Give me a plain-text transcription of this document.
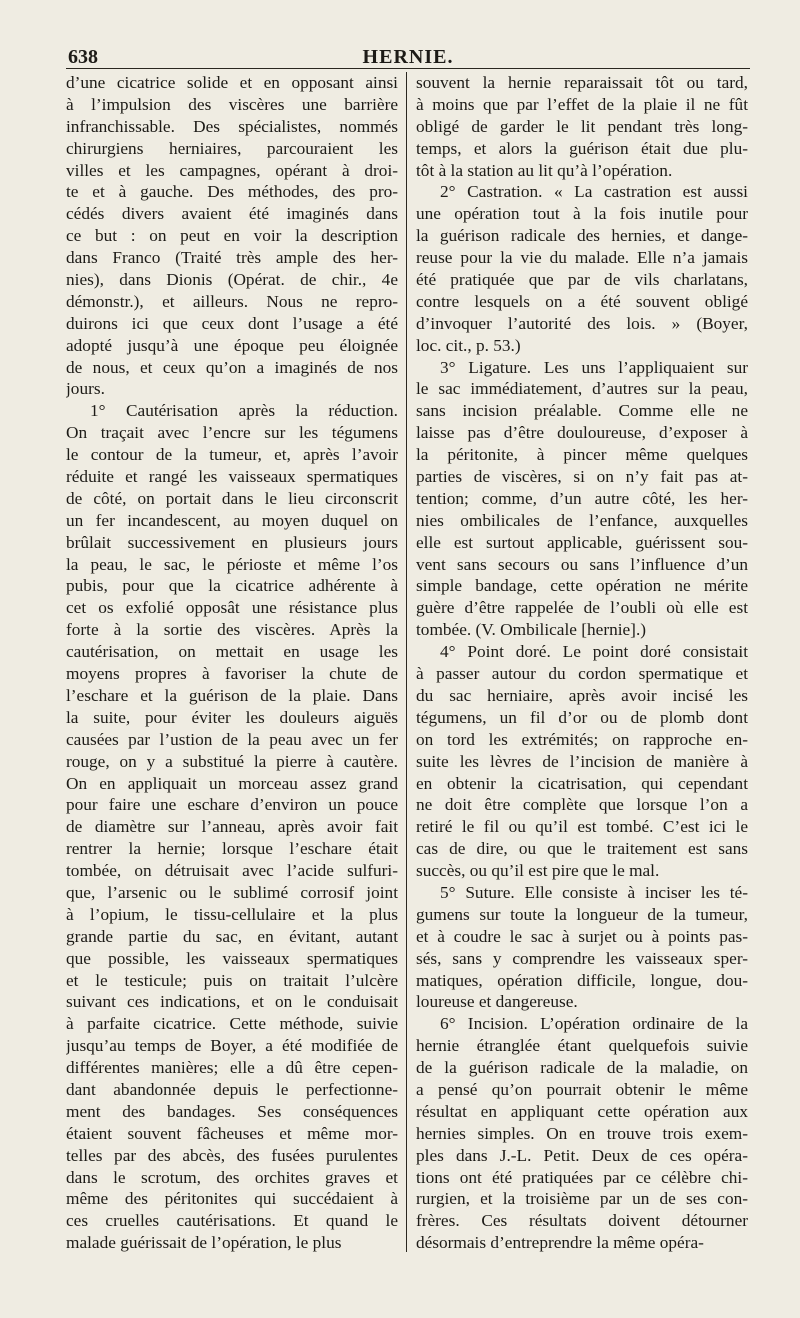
638	HERNIE.
d’une cicatrice solide et en opposant ainsi
à l’impulsion des viscères une barrière
infranchissable. Des spécialistes, nommés
chirurgiens herniaires, parcouraient les
villes et les campagnes, opérant à droi-
te et à gauche. Des méthodes, des pro-
cédés divers avaient été imaginés dans
ce but : on peut en voir la description
dans Franco (Traité très ample des her-
nies), dans Dionis (Opérat. de chir., 4e
démonstr.), et ailleurs. Nous ne repro-
duirons ici que ceux dont l’usage a été
adopté jusqu’à une époque peu éloignée
de nous, et ceux qu’on a imaginés de nos
jours.
1° Cautérisation après la réduction.
On traçait avec l’encre sur les tégumens
le contour de la tumeur, et, après l’avoir
réduite et rangé les vaisseaux spermatiques
de côté, on portait dans le lieu circonscrit
un fer incandescent, au moyen duquel on
brûlait successivement en plusieurs jours
la peau, le sac, le périoste et même l’os
pubis, pour que la cicatrice adhérente à
cet os exfolié opposât une résistance plus
forte à la sortie des viscères. Après la
cautérisation, on mettait en usage les
moyens propres à favoriser la chute de
l’eschare et la guérison de la plaie. Dans
la suite, pour éviter les douleurs aiguës
causées par l’ustion de la peau avec un fer
rouge, on y a substitué la pierre à cautère.
On en appliquait un morceau assez grand
pour faire une eschare d’environ un pouce
de diamètre sur l’anneau, après avoir fait
rentrer la hernie; lorsque l’eschare était
tombée, on détruisait avec l’acide sulfuri-
que, l’arsenic ou le sublimé corrosif joint
à l’opium, le tissu-cellulaire et la plus
grande partie du sac, en évitant, autant
que possible, les vaisseaux spermatiques
et le testicule; puis on traitait l’ulcère
suivant ces indications, et on le conduisait
à parfaite cicatrice. Cette méthode, suivie
jusqu’au temps de Boyer, a été modifiée de
différentes manières; elle a dû être cepen-
dant abandonnée depuis le perfectionne-
ment des bandages. Ses conséquences
étaient souvent fâcheuses et même mor-
telles par des abcès, des fusées purulentes
dans le scrotum, des orchites graves et
même des péritonites qui succédaient à
ces cruelles cautérisations. Et quand le
malade guérissait de l’opération, le plus
souvent la hernie reparaissait tôt ou tard,
à moins que par l’effet de la plaie il ne fût
obligé de garder le lit pendant très long-
temps, et alors la guérison était due plu-
tôt à la station au lit qu’à l’opération.
2° Castration. « La castration est aussi
une opération tout à la fois inutile pour
la guérison radicale des hernies, et dange-
reuse pour la vie du malade. Elle n’a jamais
été pratiquée que par de vils charlatans,
contre lesquels on a été souvent obligé
d’invoquer l’autorité des lois. » (Boyer,
loc. cit., p. 53.)
3° Ligature. Les uns l’appliquaient sur
le sac immédiatement, d’autres sur la peau,
sans incision préalable. Comme elle ne
laisse pas d’être douloureuse, d’exposer à
la péritonite, à pincer même quelques
parties de viscères, si on n’y fait pas at-
tention; comme, d’un autre côté, les her-
nies ombilicales de l’enfance, auxquelles
elle est surtout applicable, guérissent sou-
vent sans secours ou sans l’influence d’un
simple bandage, cette opération ne mérite
guère d’être rappelée de l’oubli où elle est
tombée. (V. Ombilicale [hernie].)
4° Point doré. Le point doré consistait
à passer autour du cordon spermatique et
du sac herniaire, après avoir incisé les
tégumens, un fil d’or ou de plomb dont
on tord les extrémités; on rapproche en-
suite les lèvres de l’incision de manière à
en obtenir la cicatrisation, qui cependant
ne doit être complète que lorsque l’on a
retiré le fil ou qu’il est tombé. C’est ici le
cas de dire, ou que le traitement est sans
succès, ou qu’il est pire que le mal.
5° Suture. Elle consiste à inciser les té-
gumens sur toute la longueur de la tumeur,
et à coudre le sac à surjet ou à points pas-
sés, sans y comprendre les vaisseaux sper-
matiques, opération difficile, longue, dou-
loureuse et dangereuse.
6° Incision. L’opération ordinaire de la
hernie étranglée étant quelquefois suivie
de la guérison radicale de la maladie, on
a pensé qu’on pourrait obtenir le même
résultat en appliquant cette opération aux
hernies simples. On en trouve trois exem-
ples dans J.-L. Petit. Deux de ces opéra-
tions ont été pratiquées par ce célèbre chi-
rurgien, et la troisième par un de ses con-
frères. Ces résultats doivent détourner
désormais d’entreprendre la même opéra-
